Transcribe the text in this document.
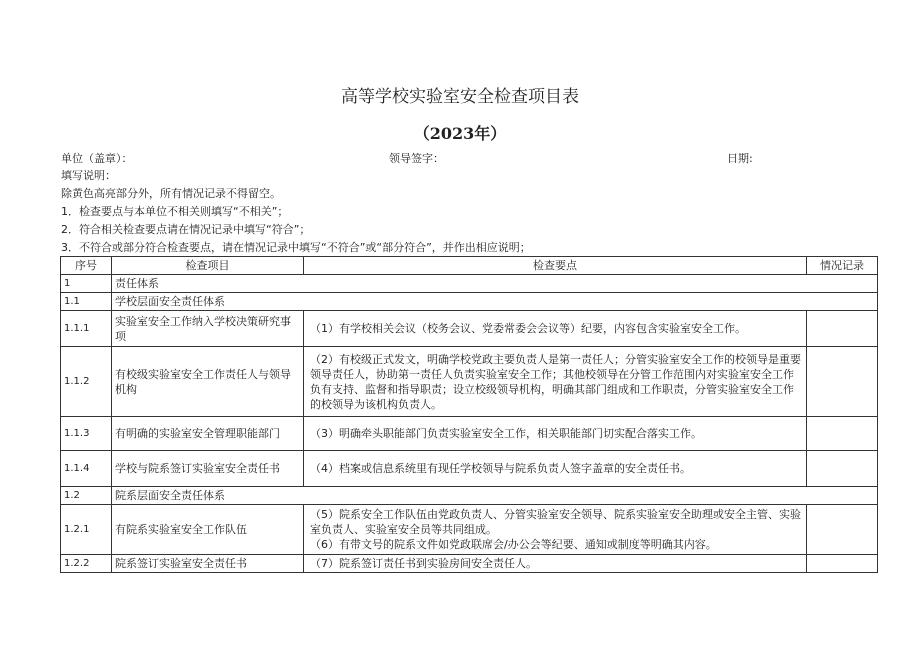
高等学校实验室安全检查项目表
（2023年）
单位（盖章）：	领导签字：	日期:
填写说明：
除黄色高亮部分外，所有情况记录不得留空。
1．检查要点与本单位不相关则填写“不相关”；
2．符合相关检查要点请在情况记录中填写“符合”；
3．不符合或部分符合检查要点，请在情况记录中填写“不符合”或“部分符合”，并作出相应说明；
序号	检查项目	检查要点	情况记录
1	责任体系		
1.1	学校层面安全责任体系		
1.1.1	实验室安全工作纳入学校决策研究事项	（1）有学校相关会议（校务会议、党委常委会会议等）纪要，内容包含实验室安全工作。	

1.1.2	有校级实验室安全工作责任人与领导机构	（2）有校级正式发文，明确学校党政主要负责人是第一责任人；分管实验室安全工作的校领导是重要领导责任人，协助第一责任人负责实验室安全工作；其他校领导在分管工作范围内对实验室安全工作负有支持、监督和指导职责；设立校级领导机构，明确其部门组成和工作职责，分管实验室安全工作的校领导为该机构负责人。	

1.1.3	有明确的实验室安全管理职能部门	（3）明确牵头职能部门负责实验室安全工作，相关职能部门切实配合落实工作。	

1.1.4	学校与院系签订实验室安全责任书	（4）档案或信息系统里有现任学校领导与院系负责人签字盖章的安全责任书。	

1.2	院系层面安全责任体系		
1.2.1	有院系实验室安全工作队伍	（5）院系安全工作队伍由党政负责人、分管实验室安全领导、院系实验室安全助理或安全主管、实验室负责人、实验室安全员等共同组成。
（6）有带文号的院系文件如党政联席会/办公会等纪要、通知或制度等明确其内容。	

1.2.2	院系签订实验室安全责任书	（7）院系签订责任书到实验房间安全责任人。	
